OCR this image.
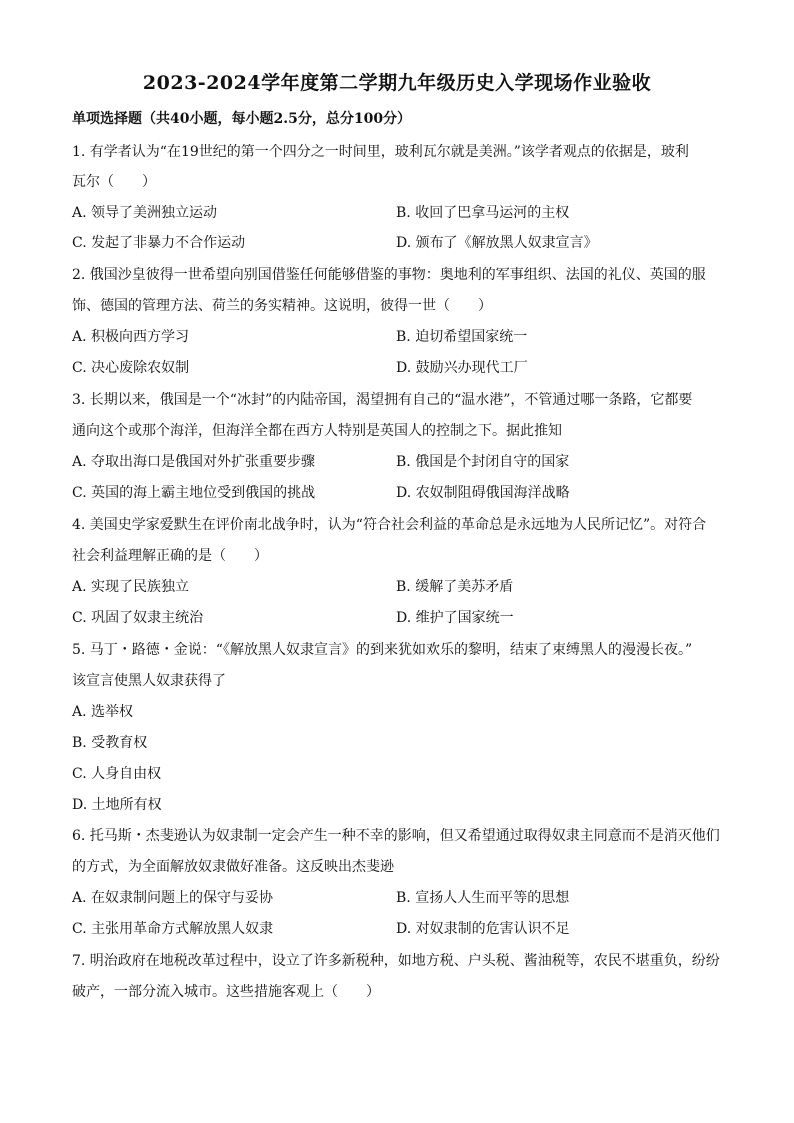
2023-2024学年度第二学期九年级历史入学现场作业验收
单项选择题（共40小题，每小题2.5分，总分100分）
1. 有学者认为“在19世纪的第一个四分之一时间里，玻利瓦尔就是美洲。”该学者观点的依据是，玻利
瓦尔（　　）
A. 领导了美洲独立运动	B. 收回了巴拿马运河的主权
C. 发起了非暴力不合作运动	D. 颁布了《解放黑人奴隶宣言》
2. 俄国沙皇彼得一世希望向别国借鉴任何能够借鉴的事物：奥地利的军事组织、法国的礼仪、英国的服
饰、德国的管理方法、荷兰的务实精神。这说明，彼得一世（　　）
A. 积极向西方学习	B. 迫切希望国家统一
C. 决心废除农奴制	D. 鼓励兴办现代工厂
3. 长期以来，俄国是一个“冰封”的内陆帝国，渴望拥有自己的“温水港”，不管通过哪一条路，它都要
通向这个或那个海洋，但海洋全都在西方人特别是英国人的控制之下。据此推知
A. 夺取出海口是俄国对外扩张重要步骤	B. 俄国是个封闭自守的国家
C. 英国的海上霸主地位受到俄国的挑战	D. 农奴制阻碍俄国海洋战略
4. 美国史学家爱默生在评价南北战争时，认为“符合社会利益的革命总是永远地为人民所记忆”。对符合
社会利益理解正确的是（　　）
A. 实现了民族独立	B. 缓解了美苏矛盾
C. 巩固了奴隶主统治	D. 维护了国家统一
5. 马丁・路德・金说：“《解放黑人奴隶宣言》的到来犹如欢乐的黎明，结束了束缚黑人的漫漫长夜。”
该宣言使黑人奴隶获得了
A. 选举权
B. 受教育权
C. 人身自由权
D. 土地所有权
6. 托马斯・杰斐逊认为奴隶制一定会产生一种不幸的影响，但又希望通过取得奴隶主同意而不是消灭他们
的方式，为全面解放奴隶做好准备。这反映出杰斐逊
A. 在奴隶制问题上的保守与妥协	B. 宣扬人人生而平等的思想
C. 主张用革命方式解放黑人奴隶	D. 对奴隶制的危害认识不足
7. 明治政府在地税改革过程中，设立了许多新税种，如地方税、户头税、酱油税等，农民不堪重负，纷纷
破产，一部分流入城市。这些措施客观上（　　）
